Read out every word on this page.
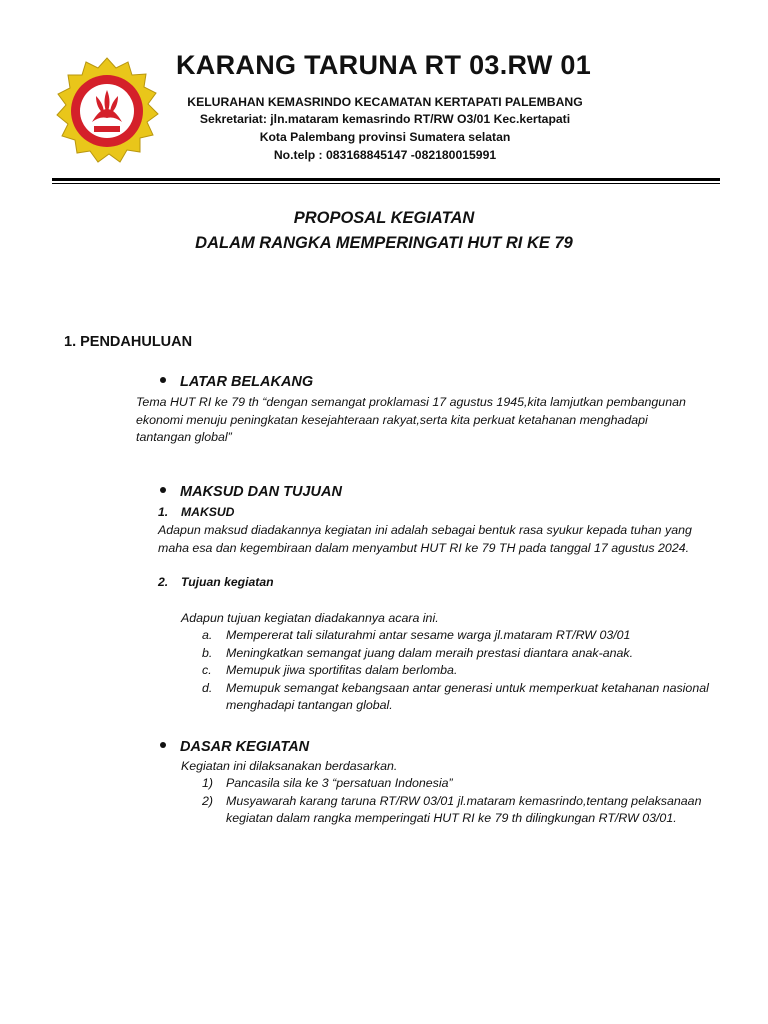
KARANG TARUNA RT 03.RW 01
KELURAHAN KEMASRINDO KECAMATAN KERTAPATI PALEMBANG
Sekretariat: jln.mataram kemasrindo RT/RW O3/01 Kec.kertapati
Kota Palembang provinsi Sumatera selatan
No.telp : 083168845147 -082180015991
PROPOSAL KEGIATAN
DALAM RANGKA MEMPERINGATI HUT RI KE 79
1. PENDAHULUAN
LATAR BELAKANG
Tema HUT RI ke 79 th “dengan semangat proklamasi 17 agustus 1945,kita lamjutkan pembangunan
ekonomi menuju peningkatan kesejahteraan rakyat,serta kita perkuat ketahanan menghadapi
tantangan global”
MAKSUD DAN TUJUAN
1. MAKSUD
Adapun maksud diadakannya kegiatan ini adalah sebagai bentuk rasa syukur kepada tuhan yang
maha esa dan kegembiraan dalam menyambut HUT RI ke 79 TH pada tanggal 17 agustus 2024.
2. Tujuan kegiatan
Adapun tujuan kegiatan diadakannya acara ini.
a. Mempererat tali silaturahmi antar sesame warga jl.mataram RT/RW 03/01
b. Meningkatkan semangat juang dalam meraih prestasi diantara anak-anak.
c. Memupuk jiwa sportifitas dalam berlomba.
d. Memupuk semangat kebangsaan antar generasi untuk memperkuat ketahanan nasional
menghadapi tantangan global.
DASAR KEGIATAN
Kegiatan ini dilaksanakan berdasarkan.
1) Pancasila sila ke 3 “persatuan Indonesia”
2) Musyawarah karang taruna RT/RW 03/01 jl.mataram kemasrindo,tentang pelaksanaan
kegiatan dalam rangka memperingati HUT RI ke 79 th dilingkungan RT/RW 03/01.
